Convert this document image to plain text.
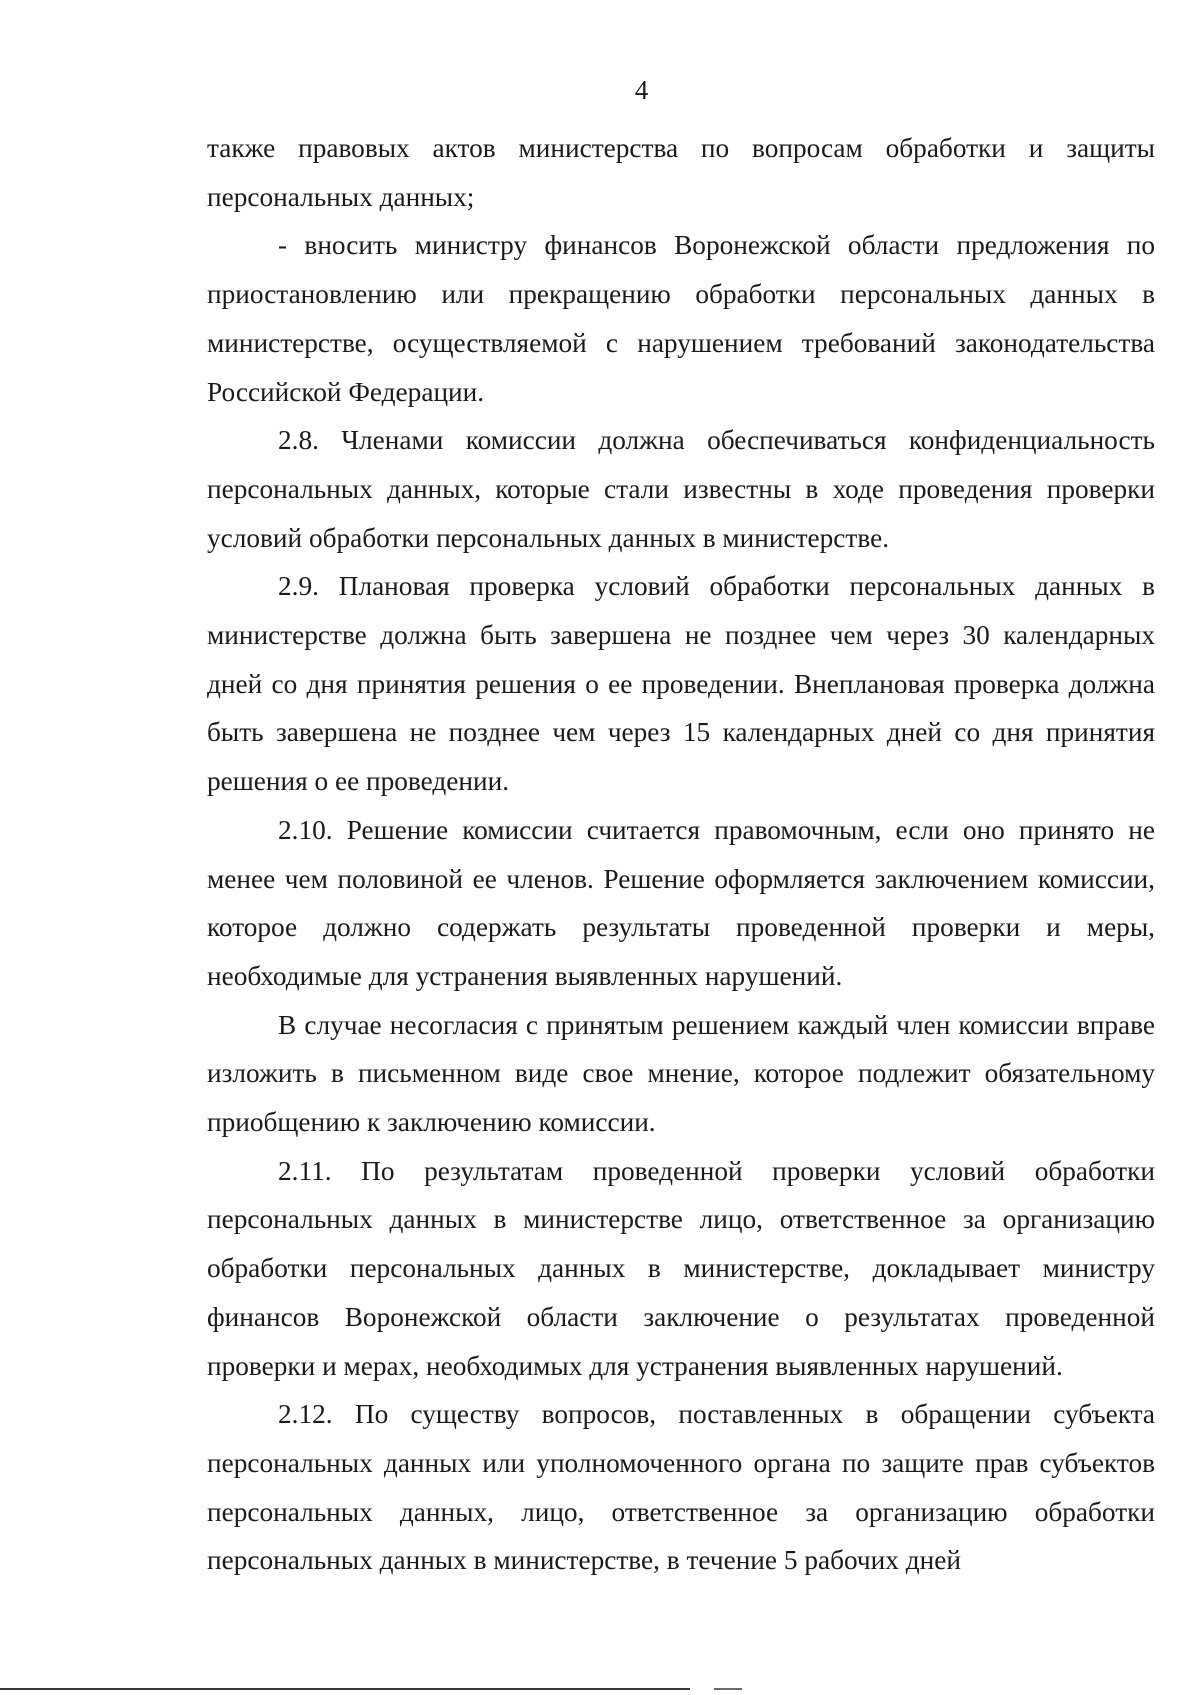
4

также правовых актов министерства по вопросам обработки и защиты персональных данных;

- вносить министру финансов Воронежской области предложения по приостановлению или прекращению обработки персональных данных в министерстве, осуществляемой с нарушением требований законодательства Российской Федерации.

2.8. Членами комиссии должна обеспечиваться конфиденциальность персональных данных, которые стали известны в ходе проведения проверки условий обработки персональных данных в министерстве.

2.9. Плановая проверка условий обработки персональных данных в министерстве должна быть завершена не позднее чем через 30 календарных дней со дня принятия решения о ее проведении. Внеплановая проверка должна быть завершена не позднее чем через 15 календарных дней со дня принятия решения о ее проведении.

2.10. Решение комиссии считается правомочным, если оно принято не менее чем половиной ее членов. Решение оформляется заключением комиссии, которое должно содержать результаты проведенной проверки и меры, необходимые для устранения выявленных нарушений.

В случае несогласия с принятым решением каждый член комиссии вправе изложить в письменном виде свое мнение, которое подлежит обязательному приобщению к заключению комиссии.

2.11. По результатам проведенной проверки условий обработки персональных данных в министерстве лицо, ответственное за организацию обработки персональных данных в министерстве, докладывает министру финансов Воронежской области заключение о результатах проведенной проверки и мерах, необходимых для устранения выявленных нарушений.

2.12. По существу вопросов, поставленных в обращении субъекта персональных данных или уполномоченного органа по защите прав субъектов персональных данных, лицо, ответственное за организацию обработки персональных данных в министерстве, в течение 5 рабочих дней
